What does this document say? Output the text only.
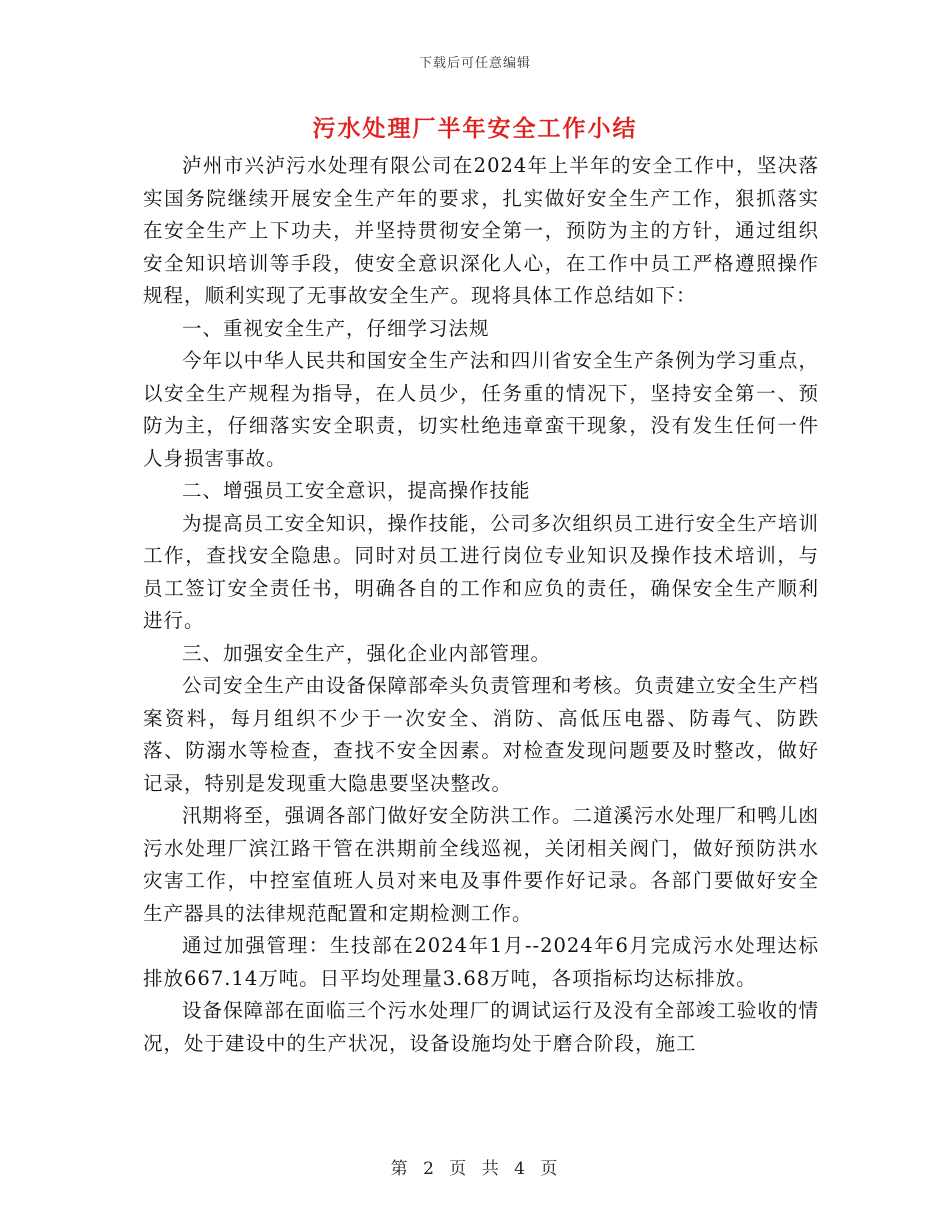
下载后可任意编辑
污水处理厂半年安全工作小结

泸州市兴泸污水处理有限公司在2024年上半年的安全工作中，坚决落实国务院继续开展安全生产年的要求，扎实做好安全生产工作，狠抓落实在安全生产上下功夫，并坚持贯彻安全第一，预防为主的方针，通过组织安全知识培训等手段，使安全意识深化人心，在工作中员工严格遵照操作规程，顺利实现了无事故安全生产。现将具体工作总结如下：

一、重视安全生产，仔细学习法规

今年以中华人民共和国安全生产法和四川省安全生产条例为学习重点，以安全生产规程为指导，在人员少，任务重的情况下，坚持安全第一、预防为主，仔细落实安全职责，切实杜绝违章蛮干现象，没有发生任何一件人身损害事故。

二、增强员工安全意识，提高操作技能

为提高员工安全知识，操作技能，公司多次组织员工进行安全生产培训工作，查找安全隐患。同时对员工进行岗位专业知识及操作技术培训，与员工签订安全责任书，明确各自的工作和应负的责任，确保安全生产顺利进行。

三、加强安全生产，强化企业内部管理。

公司安全生产由设备保障部牵头负责管理和考核。负责建立安全生产档案资料，每月组织不少于一次安全、消防、高低压电器、防毒气、防跌落、防溺水等检查，查找不安全因素。对检查发现问题要及时整改，做好记录，特别是发现重大隐患要坚决整改。

汛期将至，强调各部门做好安全防洪工作。二道溪污水处理厂和鸭儿凼污水处理厂滨江路干管在洪期前全线巡视，关闭相关阀门，做好预防洪水灾害工作，中控室值班人员对来电及事件要作好记录。各部门要做好安全生产器具的法律规范配置和定期检测工作。

通过加强管理：生技部在2024年1月--2024年6月完成污水处理达标排放667.14万吨。日平均处理量3.68万吨，各项指标均达标排放。

设备保障部在面临三个污水处理厂的调试运行及没有全部竣工验收的情况，处于建设中的生产状况，设备设施均处于磨合阶段，施工

第 2 页 共 4 页
